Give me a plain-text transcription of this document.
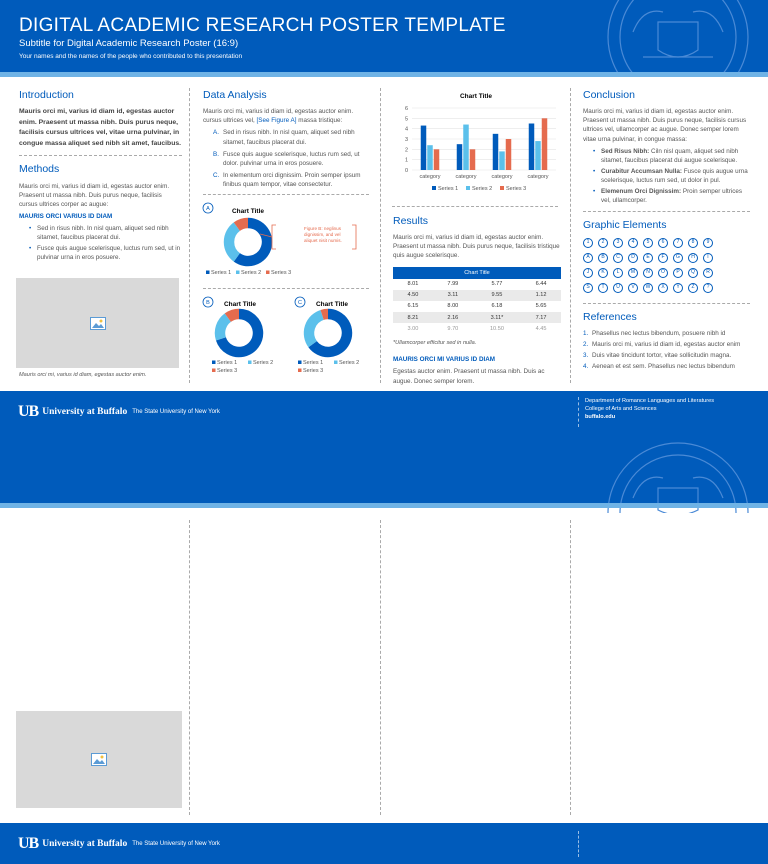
DIGITAL ACADEMIC RESEARCH POSTER TEMPLATE
Subtitle for Digital Academic Research Poster (16:9)
Your names and the names of the people who contributed to this presentation
Introduction

Mauris orci mi, varius id diam id, egestas auctor enim. Praesent ut massa nibh. Duis purus neque, facilisis cursus ultrices vel, vitae urna pulvinar, in congue massa aliquet sed nibh sit amet, faucibus.

Methods

Mauris orci mi, varius id diam id, egestas auctor enim. Praesent ut massa nibh. Duis purus neque, facilisis cursus ultrices corper ac augue:

MAURIS ORCI VARIUS ID DIAM
• Sed in risus nibh. In nisl quam, aliquet sed nibh sitamet, faucibus placerat dui.
• Fusce quis augue scelerisque, luctus rum sed, ut in pulvinar urna in eros posuere.
Mauris orci mi, varius id diam, egestas auctor enim.
Data Analysis

Mauris orci mi, varius id diam id, egestas auctor enim. cursus ultrices vel, [See Figure A] massa tristique:

A. Sed in risus nibh. In nisl quam, aliquet sed nibh sitamet, faucibus placerat dui.
B. Fusce quis augue scelerisque, luctus rum sed, ut dolor. pulvinar urna in eros posuere.
C. In elementum orci dignissim. Proin semper ipsum finibus quam tempor, vitae consectetur.
A	Chart Title
Series 1 Series 2 Series 3
Figure B: neglinus dignissim, and vel aliquet nisit numis.
B Chart Title
Series 1	Series 2
Series 3
C Chart Title
Series 1	Series 2
Series 3
Chart Title
0
1
2
3
4
5
6
category	category	category	category
Series 1	Series 2	Series 3
Results

Mauris orci mi, varius id diam id, egestas auctor enim. Praesent ut massa nibh. Duis purus neque, facilisis tristique quis augue scelerisque.

Chart Title			
8.01	7.99	5.77	6.44
4.50	3.11	9.55	1.12
6.15	8.00	6.18	5.65
8.21	2.16	3.11*	7.17
3.00	9.70	10.50	4.45

*Ullamcorper efficitur sed in nulla.

MAURIS ORCI MI VARIUS ID DIAM

Egestas auctor enim. Praesent ut massa nibh. Duis ac augue. Donec semper lorem.

Conclusion

Mauris orci mi, varius id diam id, egestas auctor enim. Praesent ut massa nibh. Duis purus neque, facilisis cursus ultrices vel, ullamcorper ac augue. Donec semper lorem vitae urna pulvinar, in congue massa:

• Sed Risus Nibh: Ciln nisl quam, aliquet sed nibh sitamet, faucibus placerat dui augue scelerisque.
• Curabitur Accumsan Nulla: Fusce quis augue urna scelerisque, luctus rum sed, ut dolor in pul.
• Elemenum Orci Dignissim: Proin semper ultrices vel, ullamcorper.
Graphic Elements
1	2	3	4	5	6	7	8	9
A	B	C	D	E	F	G	H	I
J	K	L	M	N	O	P	Q	R
S	T	U	V	W	X	Y	Z	?
References
1. Phasellus nec lectus bibendum, posuere nibh id
2. Mauris orci mi, varius id diam id, egestas auctor enim
3. Duis vitae tincidunt tortor, vitae sollicitudin magna.
4. Aenean et est sem. Phasellus nec lectus bibendum
UB University at Buffalo The State University of New York
Department of Romance Languages and Literatures
College of Arts and Sciences
buffalo.edu
UB University at Buffalo The State University of New York
